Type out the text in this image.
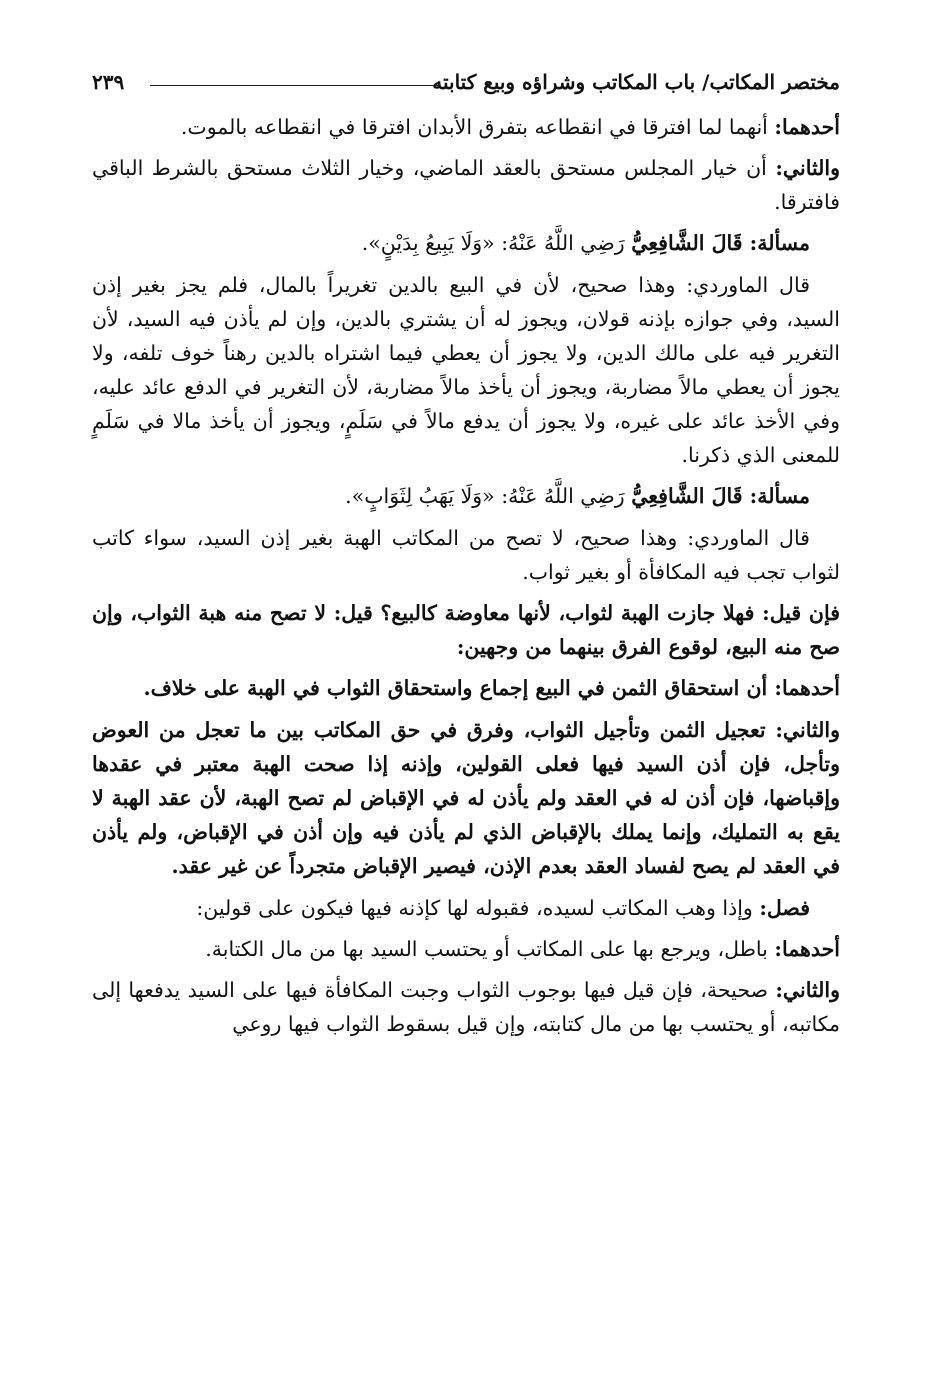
مختصر المكاتب/ باب المكاتب وشراؤه وبيع كتابته
٢٣٩

أحدهما: أنهما لما افترقا في انقطاعه بتفرق الأبدان افترقا في انقطاعه بالموت.

والثاني: أن خيار المجلس مستحق بالعقد الماضي، وخيار الثلاث مستحق بالشرط الباقي فافترقا.

مسألة: قَالَ الشَّافِعِيُّ رَضِي اللَّهُ عَنْهُ: «وَلَا يَبِيعُ بِدَيْنٍ».

قال الماوردي: وهذا صحيح، لأن في البيع بالدين تغريراً بالمال، فلم يجز بغير إذن السيد، وفي جوازه بإذنه قولان، ويجوز له أن يشتري بالدين، وإن لم يأذن فيه السيد، لأن التغرير فيه على مالك الدين، ولا يجوز أن يعطي فيما اشتراه بالدين رهناً خوف تلفه، ولا يجوز أن يعطي مالاً مضاربة، ويجوز أن يأخذ مالاً مضاربة، لأن التغرير في الدفع عائد عليه، وفي الأخذ عائد على غيره، ولا يجوز أن يدفع مالاً في سَلَمٍ، ويجوز أن يأخذ مالا في سَلَمٍ للمعنى الذي ذكرنا.

مسألة: قَالَ الشَّافِعِيُّ رَضِي اللَّهُ عَنْهُ: «وَلَا يَهَبُ لِثَوَابٍ».

قال الماوردي: وهذا صحيح، لا تصح من المكاتب الهبة بغير إذن السيد، سواء كاتب لثواب تجب فيه المكافأة أو بغير ثواب.

فإن قيل: فهلا جازت الهبة لثواب، لأنها معاوضة كالبيع؟ قيل: لا تصح منه هبة الثواب، وإن صح منه البيع، لوقوع الفرق بينهما من وجهين:

أحدهما: أن استحقاق الثمن في البيع إجماع واستحقاق الثواب في الهبة على خلاف.

والثاني: تعجيل الثمن وتأجيل الثواب، وفرق في حق المكاتب بين ما تعجل من العوض وتأجل، فإن أذن السيد فيها فعلى القولين، وإذنه إذا صحت الهبة معتبر في عقدها وإقباضها، فإن أذن له في العقد ولم يأذن له في الإقباض لم تصح الهبة، لأن عقد الهبة لا يقع به التمليك، وإنما يملك بالإقباض الذي لم يأذن فيه وإن أذن في الإقباض، ولم يأذن في العقد لم يصح لفساد العقد بعدم الإذن، فيصير الإقباض متجرداً عن غير عقد.

فصل: وإذا وهب المكاتب لسيده، فقبوله لها كإذنه فيها فيكون على قولين:

أحدهما: باطل، ويرجع بها على المكاتب أو يحتسب السيد بها من مال الكتابة.

والثاني: صحيحة، فإن قيل فيها بوجوب الثواب وجبت المكافأة فيها على السيد يدفعها إلى مكاتبه، أو يحتسب بها من مال كتابته، وإن قيل بسقوط الثواب فيها روعي
